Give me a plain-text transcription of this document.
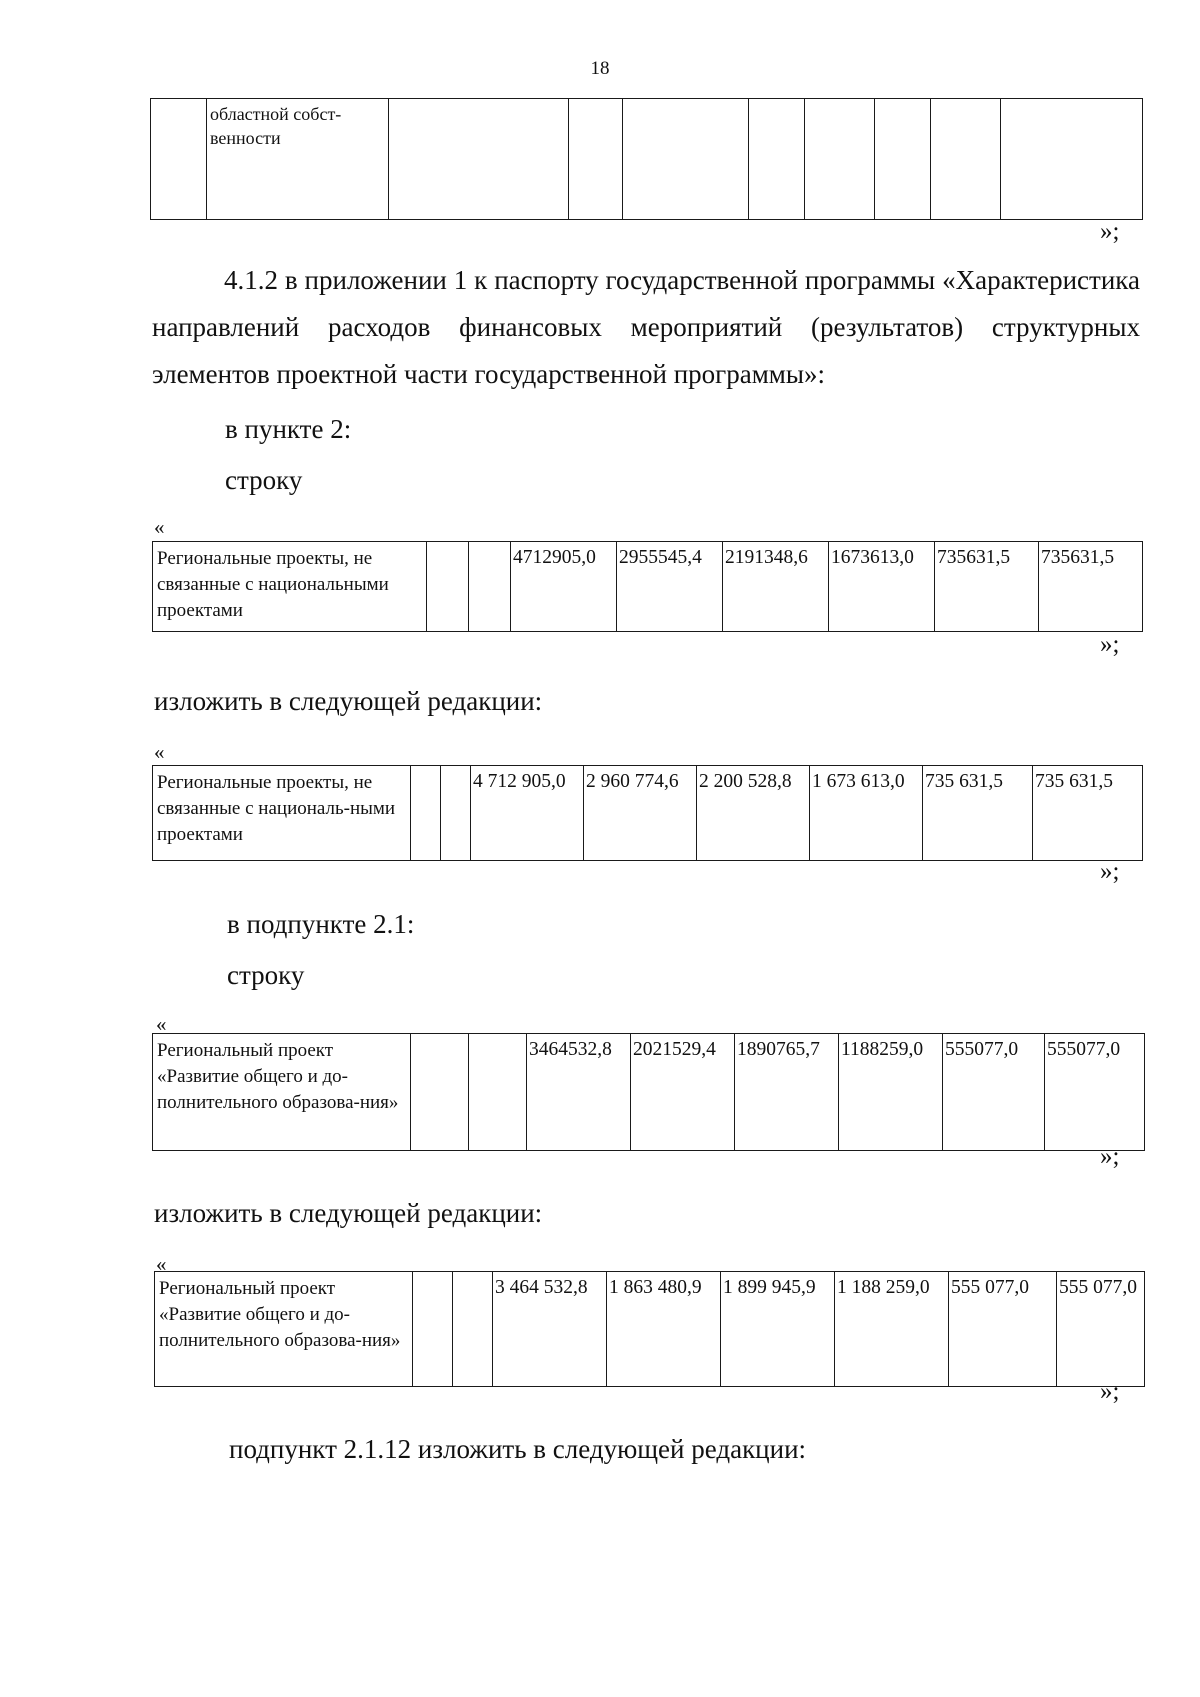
18
	областной собст-венности								
»;
4.1.2 в приложении 1 к паспорту государственной программы «Характеристика направлений расходов финансовых мероприятий (результатов) структурных элементов проектной части государственной программы»:
в пункте 2:
строку
«
Региональные проекты, не связанные с национальными проектами			4712905,0	2955545,4	2191348,6	1673613,0	735631,5	735631,5
»;
изложить в следующей редакции:
«
Региональные проекты, не связанные с националь-ными проектами			4 712 905,0	2 960 774,6	2 200 528,8	1 673 613,0	735 631,5	735 631,5
»;
в подпункте 2.1:
строку
«
Региональный проект «Развитие общего и до-полнительного образова-ния»			3464532,8	2021529,4	1890765,7	1188259,0	555077,0	555077,0
»;
изложить в следующей редакции:
«
Региональный проект «Развитие общего и до-полнительного образова-ния»			3 464 532,8	1 863 480,9	1 899 945,9	1 188 259,0	555 077,0	555 077,0
»;
подпункт 2.1.12 изложить в следующей редакции:
